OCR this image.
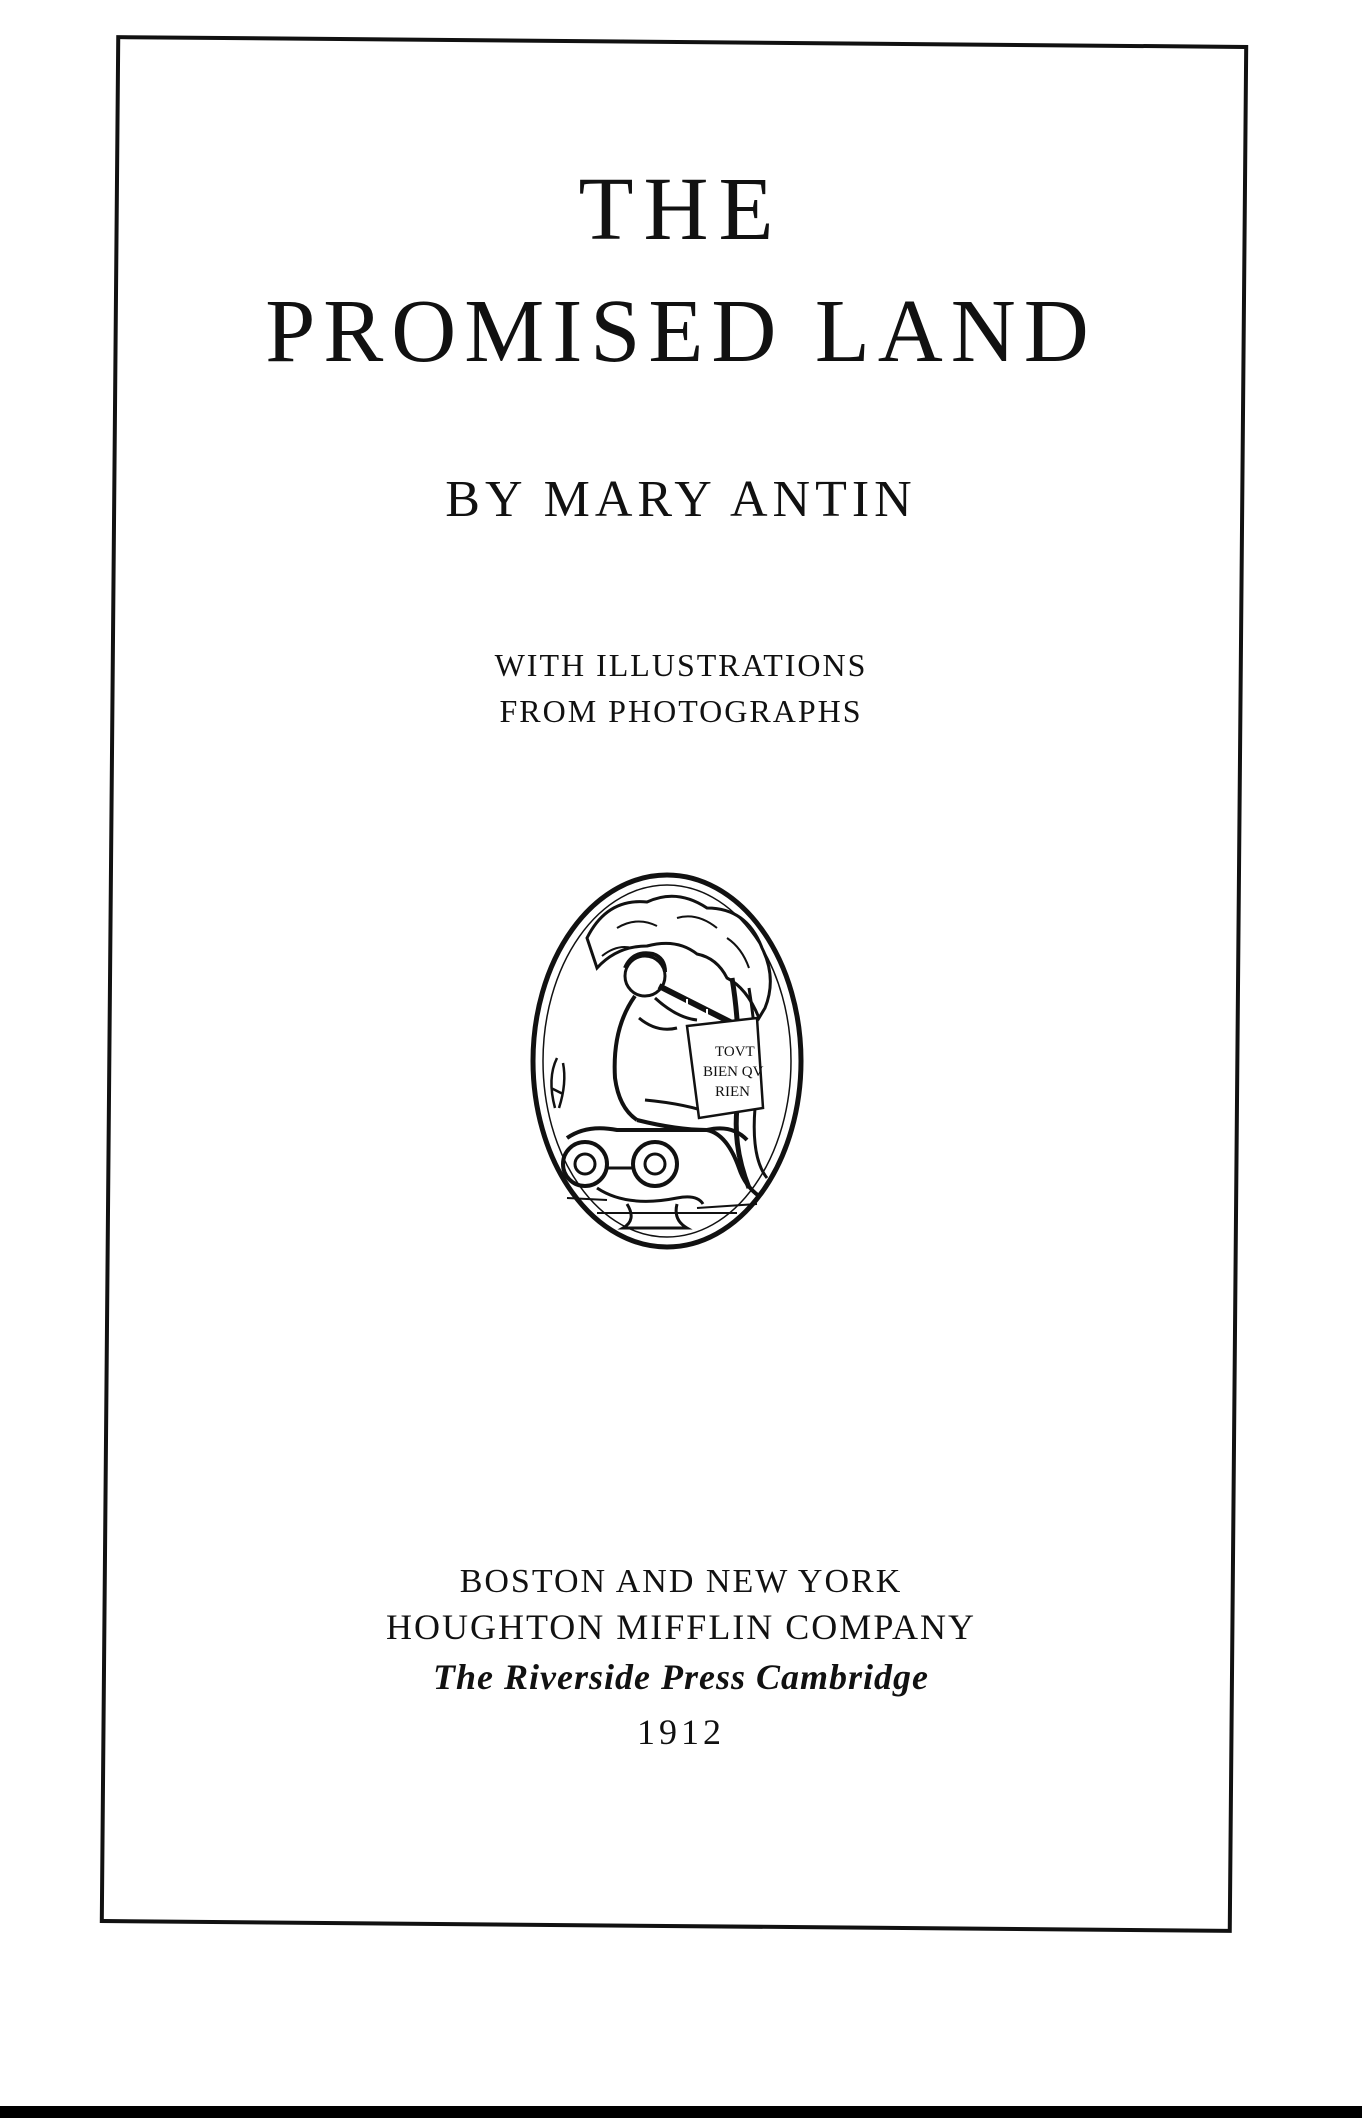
THE
PROMISED LAND
BY MARY ANTIN
WITH ILLUSTRATIONS
FROM PHOTOGRAPHS
TOVT
BIEN QV
RIEN
BOSTON AND NEW YORK
HOUGHTON MIFFLIN COMPANY
The Riverside Press Cambridge
1912
